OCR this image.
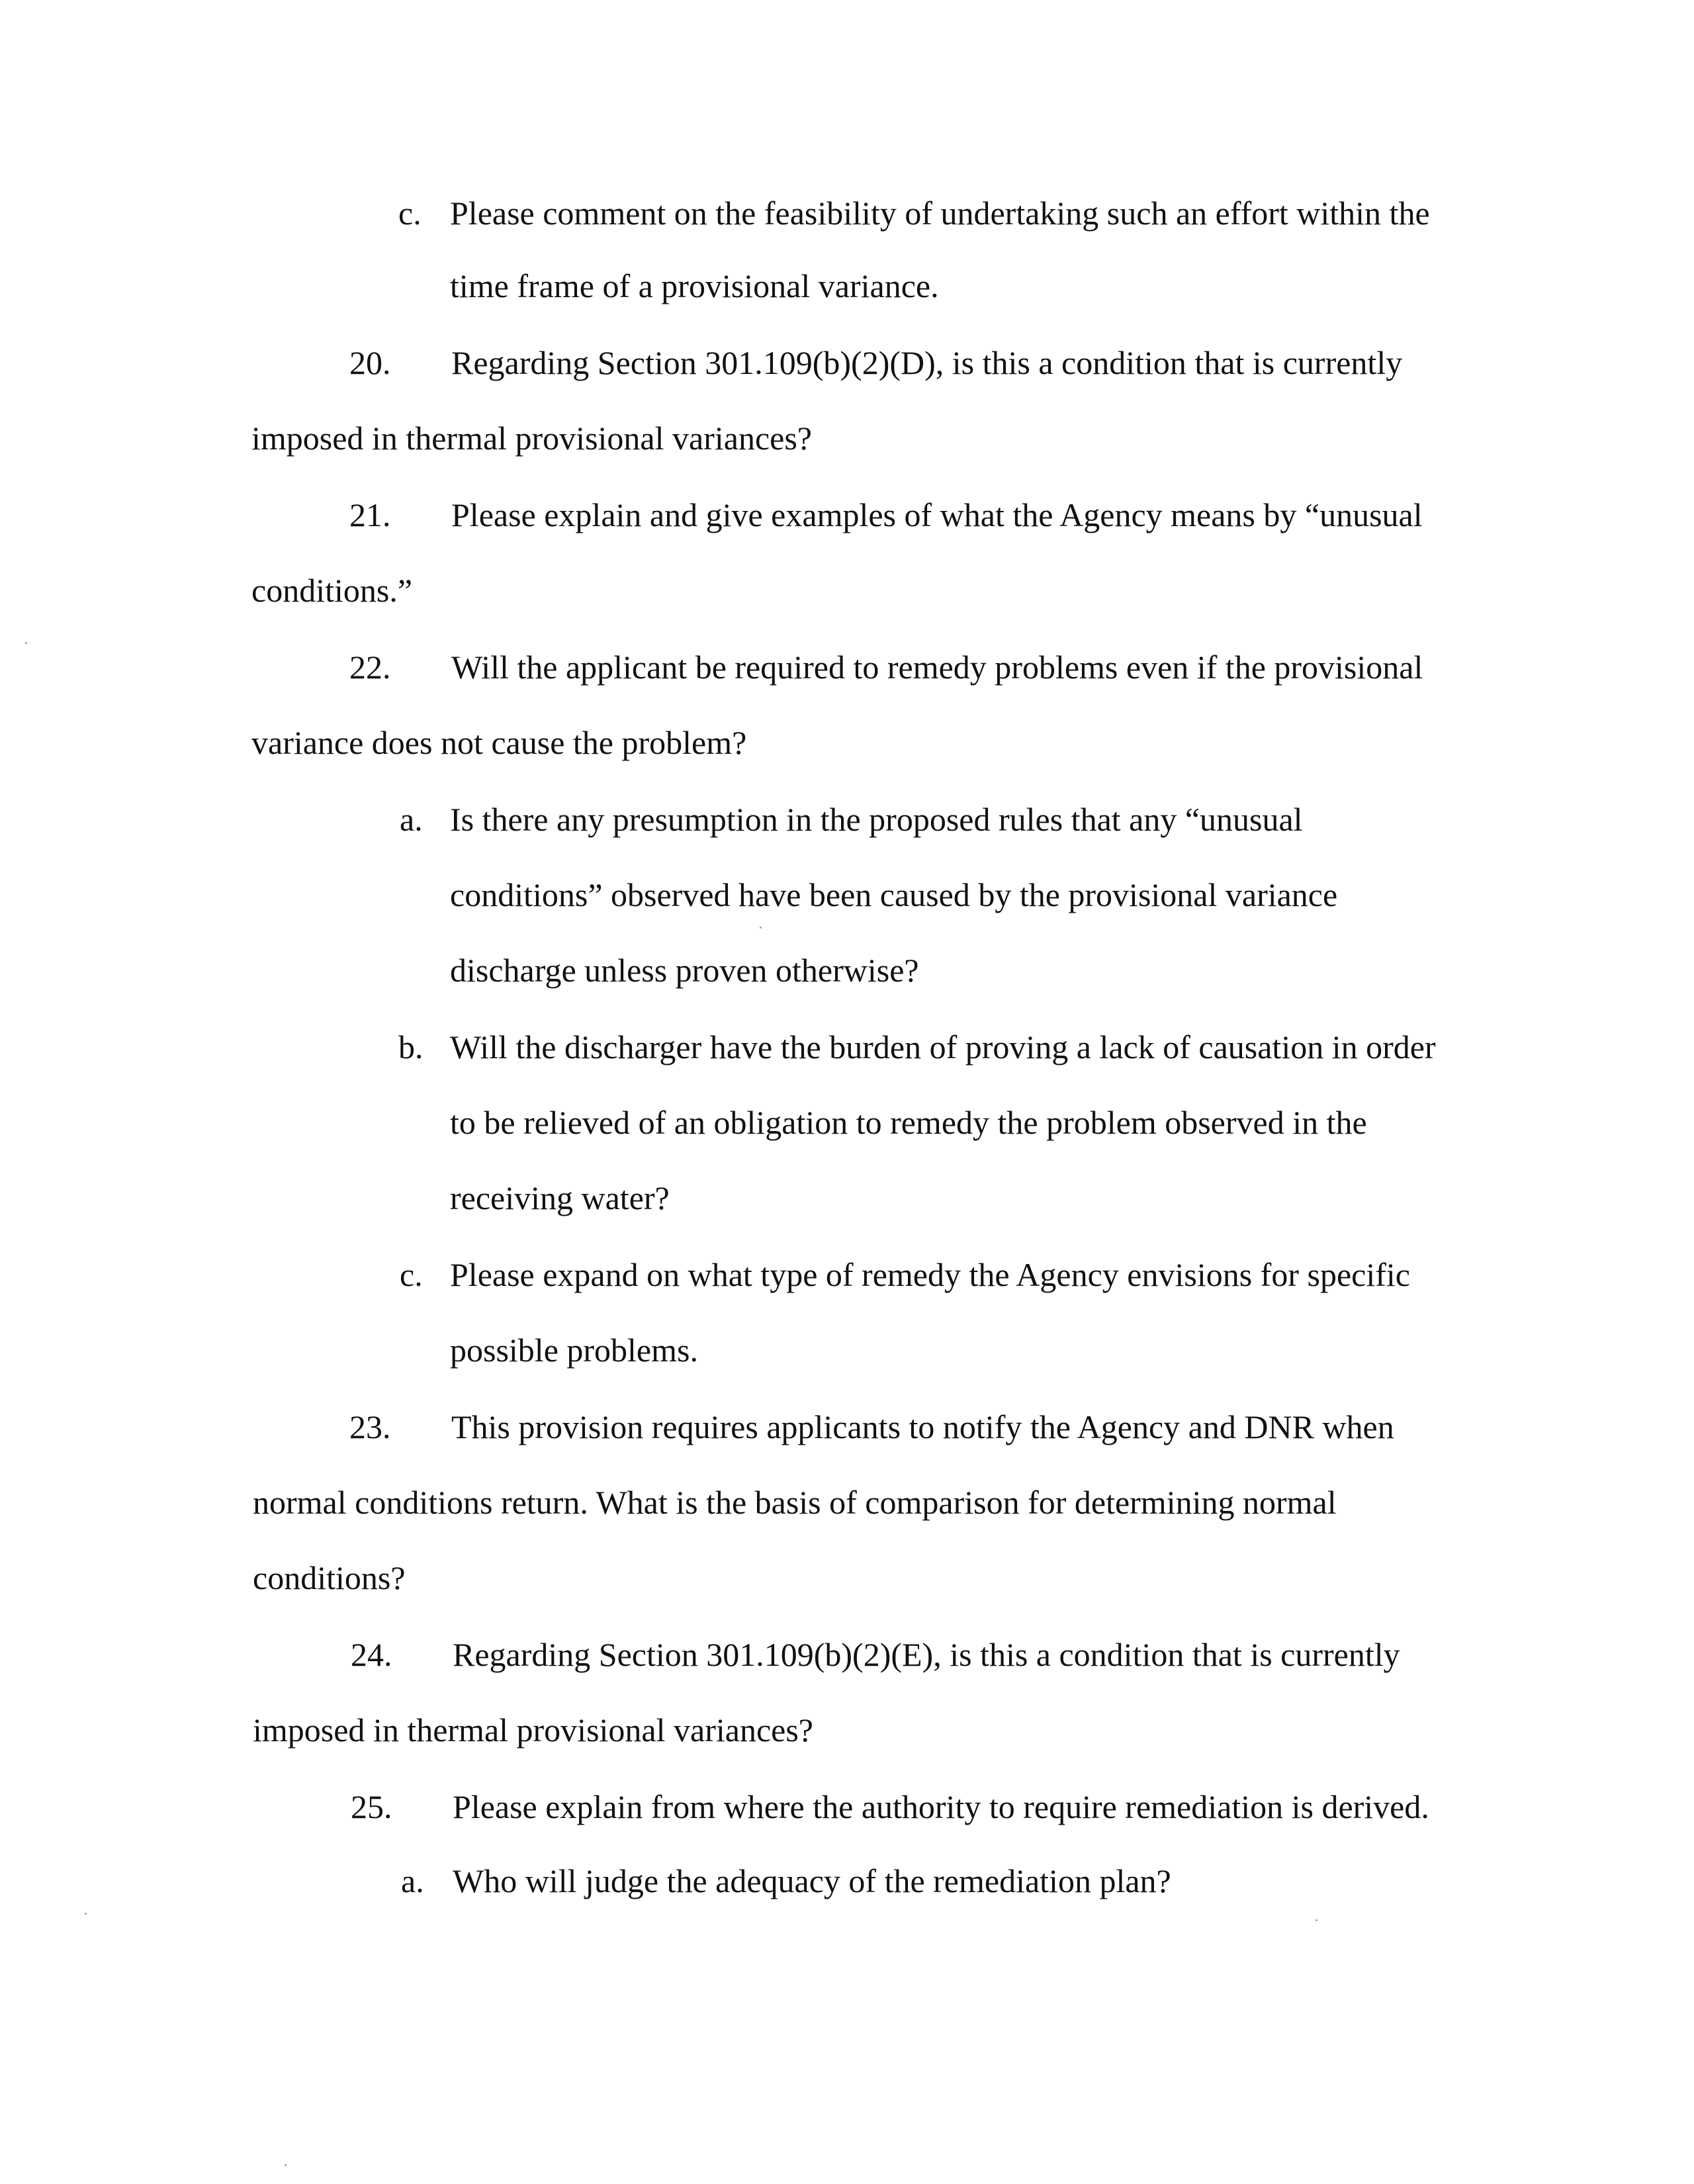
c. Please comment on the feasibility of undertaking such an effort within the
time frame of a provisional variance.
20. Regarding Section 301.109(b)(2)(D), is this a condition that is currently
imposed in thermal provisional variances?
21. Please explain and give examples of what the Agency means by “unusual
conditions.”
22. Will the applicant be required to remedy problems even if the provisional
variance does not cause the problem?
a. Is there any presumption in the proposed rules that any “unusual
conditions” observed have been caused by the provisional variance
discharge unless proven otherwise?
b. Will the discharger have the burden of proving a lack of causation in order
to be relieved of an obligation to remedy the problem observed in the
receiving water?
c. Please expand on what type of remedy the Agency envisions for specific
possible problems.
23. This provision requires applicants to notify the Agency and DNR when
normal conditions return. What is the basis of comparison for determining normal
conditions?
24. Regarding Section 301.109(b)(2)(E), is this a condition that is currently
imposed in thermal provisional variances?
25. Please explain from where the authority to require remediation is derived.
a. Who will judge the adequacy of the remediation plan?
